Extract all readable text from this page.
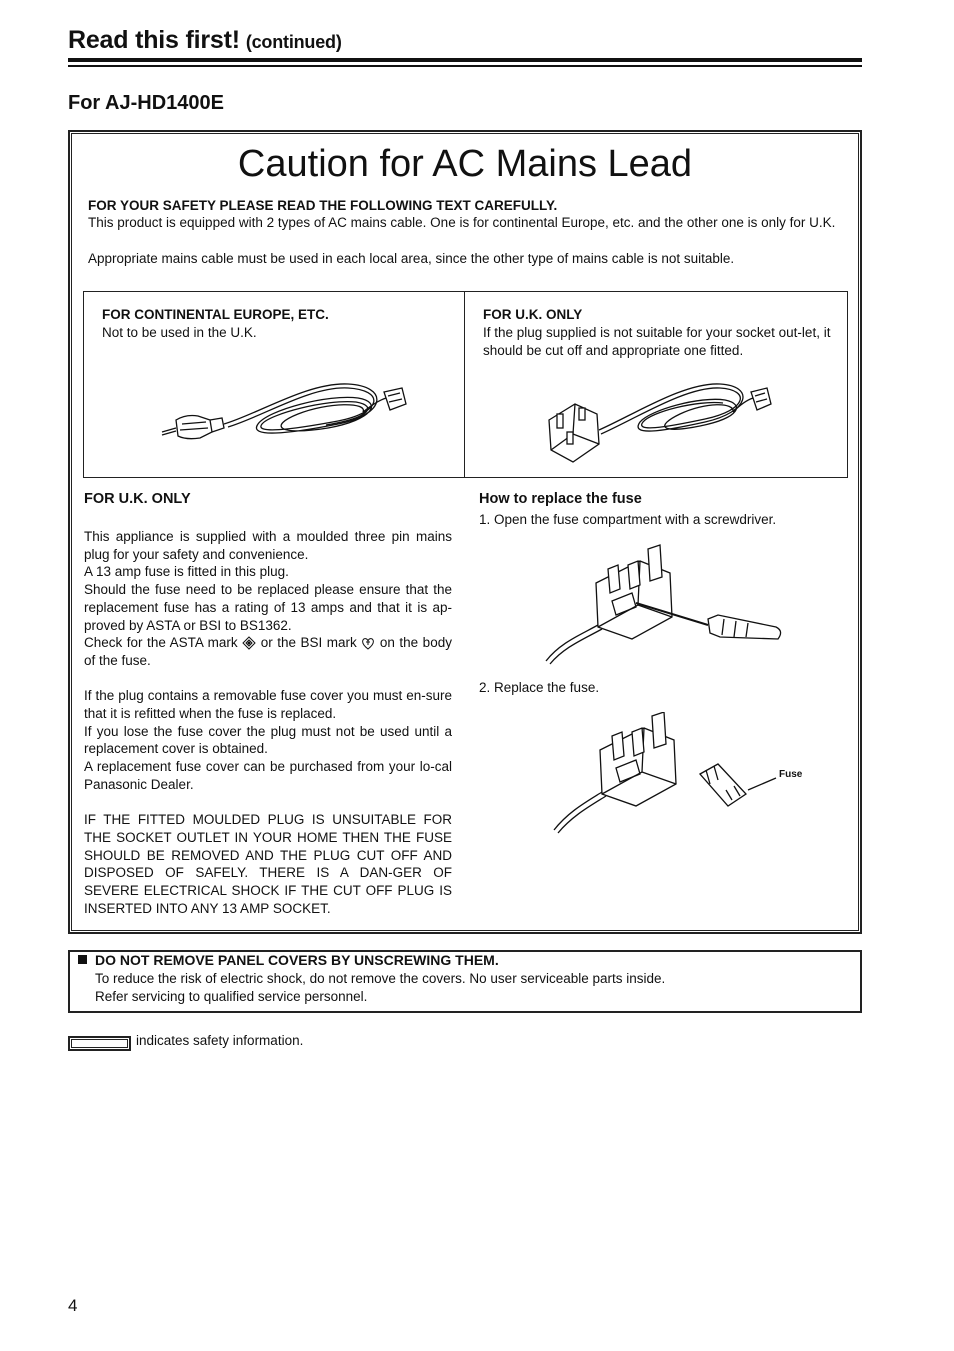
Read this first! (continued)
For AJ-HD1400E
Caution for AC Mains Lead
FOR YOUR SAFETY PLEASE READ THE FOLLOWING TEXT CAREFULLY.
This product is equipped with 2 types of AC mains cable. One is for continental Europe, etc. and the other one is only for U.K.
Appropriate mains cable must be used in each local area, since the other type of mains cable is not suitable.
FOR CONTINENTAL EUROPE, ETC.
Not to be used in the U.K.
FOR U.K. ONLY
If the plug supplied is not suitable for your socket out-let, it should be cut off and appropriate one fitted.
FOR U.K. ONLY

This appliance is supplied with a moulded three pin mains plug for your safety and convenience.

A 13 amp fuse is fitted in this plug.

Should the fuse need to be replaced please ensure that the replacement fuse has a rating of 13 amps and that it is ap-proved by ASTA or BSI to BS1362.

Check for the ASTA mark or the BSI mark on the body of the fuse.

If the plug contains a removable fuse cover you must en-sure that it is refitted when the fuse is replaced.

If you lose the fuse cover the plug must not be used until a replacement cover is obtained.

A replacement fuse cover can be purchased from your lo-cal Panasonic Dealer.

IF THE FITTED MOULDED PLUG IS UNSUITABLE FOR THE SOCKET OUTLET IN YOUR HOME THEN THE FUSE SHOULD BE REMOVED AND THE PLUG CUT OFF AND DISPOSED OF SAFELY. THERE IS A DAN-GER OF SEVERE ELECTRICAL SHOCK IF THE CUT OFF PLUG IS INSERTED INTO ANY 13 AMP SOCKET.

How to replace the fuse
1. Open the fuse compartment with a screwdriver.
2. Replace the fuse.
Fuse
DO NOT REMOVE PANEL COVERS BY UNSCREWING THEM.
To reduce the risk of electric shock, do not remove the covers. No user serviceable parts inside.
Refer servicing to qualified service personnel.
indicates safety information.
4
